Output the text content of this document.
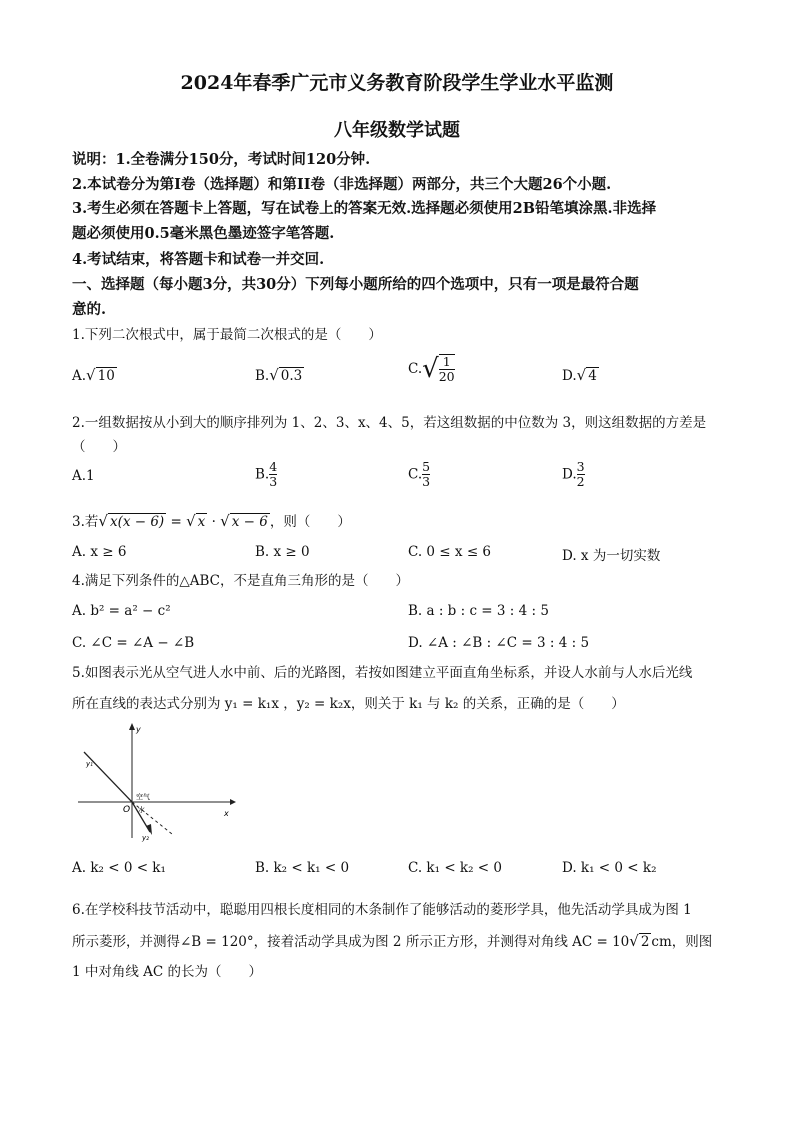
2024年春季广元市义务教育阶段学生学业水平监测
八年级数学试题
说明：1.全卷满分150分，考试时间120分钟.
2.本试卷分为第I卷（选择题）和第II卷（非选择题）两部分，共三个大题26个小题.
3.考生必须在答题卡上答题，写在试卷上的答案无效.选择题必须使用2B铅笔填涂黑.非选择
题必须使用0.5毫米黑色墨迹签字笔答题.
4.考试结束，将答题卡和试卷一并交回.
一、选择题（每小题3分，共30分）下列每小题所给的四个选项中，只有一项是最符合题
意的.
1.下列二次根式中，属于最简二次根式的是（　　）
A.√ 10	B.√ 0.3	$C.√ \frac{1}{20}$	D.√ 4
2.一组数据按从小到大的顺序排列为 1、2、3、x、4、5，若这组数据的中位数为 3，则这组数据的方差是
（　　）
A.1	B. $\frac{4}{3}$	C. $\frac{5}{3}$	D. $\frac{3}{2}$
3.若√ x(x − 6) = √ x · √ x − 6 ，则（　　）
A. x ≥ 6	B. x ≥ 0	C. 0 ≤ x ≤ 6	D. x 为一切实数
4.满足下列条件的△ABC，不是直角三角形的是（　　）
A. b² = a² − c²	B. a : b : c = 3 : 4 : 5
C. ∠C = ∠A − ∠B	D. ∠A : ∠B : ∠C = 3 : 4 : 5
5.如图表示光从空气进人水中前、后的光路图，若按如图建立平面直角坐标系，并设人水前与人水后光线
所在直线的表达式分别为 y₁ = k₁x ，y₂ = k₂x，则关于 k₁ 与 k₂ 的关系，正确的是（　　）
y
x
O
y₁
y₂
空气
水
A. k₂ < 0 < k₁	B. k₂ < k₁ < 0	C. k₁ < k₂ < 0	D. k₁ < 0 < k₂
6.在学校科技节活动中，聪聪用四根长度相同的木条制作了能够活动的菱形学具，他先活动学具成为图 1
所示菱形，并测得∠B = 120°，接着活动学具成为图 2 所示正方形，并测得对角线 AC = 10√ 2 cm，则图
1 中对角线 AC 的长为（　　）
